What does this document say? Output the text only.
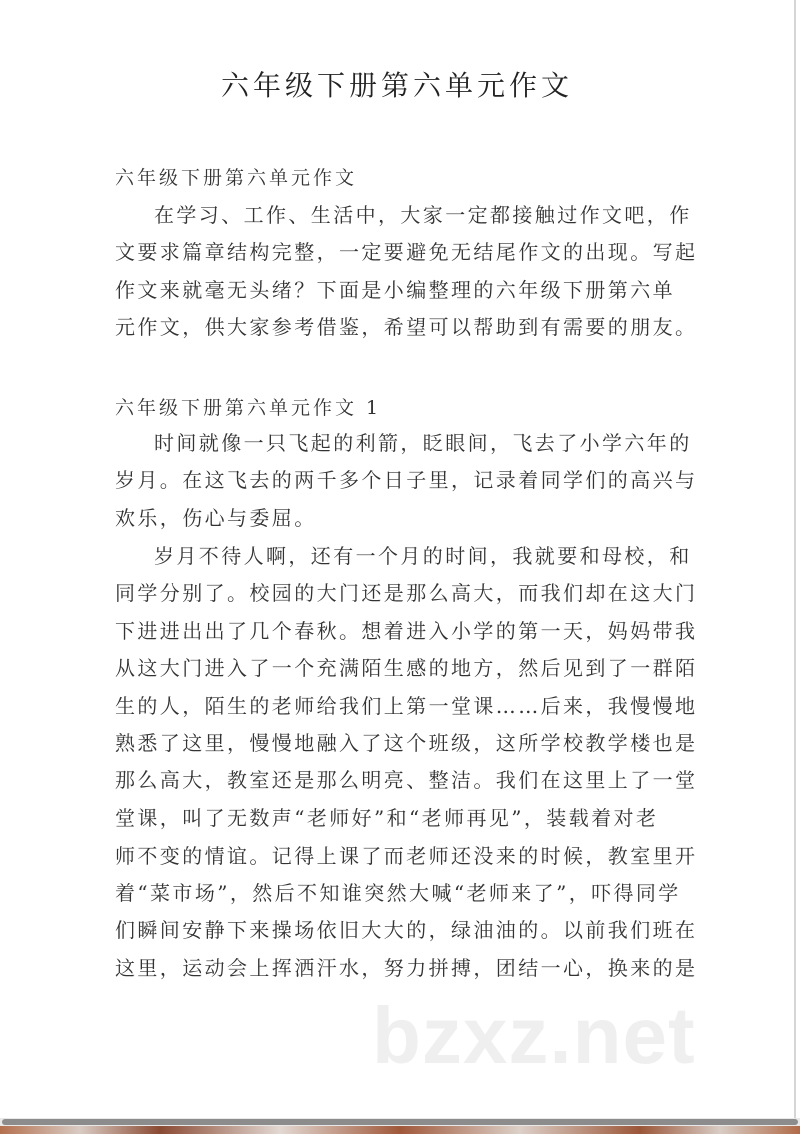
六年级下册第六单元作文
六年级下册第六单元作文
在学习、工作、生活中，大家一定都接触过作文吧，作
文要求篇章结构完整，一定要避免无结尾作文的出现。写起
作文来就毫无头绪？下面是小编整理的六年级下册第六单
元作文，供大家参考借鉴，希望可以帮助到有需要的朋友。
六年级下册第六单元作文 1
时间就像一只飞起的利箭，眨眼间，飞去了小学六年的
岁月。在这飞去的两千多个日子里，记录着同学们的高兴与
欢乐，伤心与委屈。
岁月不待人啊，还有一个月的时间，我就要和母校，和
同学分别了。校园的大门还是那么高大，而我们却在这大门
下进进出出了几个春秋。想着进入小学的第一天，妈妈带我
从这大门进入了一个充满陌生感的地方，然后见到了一群陌
生的人，陌生的老师给我们上第一堂课……后来，我慢慢地
熟悉了这里，慢慢地融入了这个班级，这所学校教学楼也是
那么高大，教室还是那么明亮、整洁。我们在这里上了一堂
堂课，叫了无数声“老师好”和“老师再见”，装载着对老
师不变的情谊。记得上课了而老师还没来的时候，教室里开
着“菜市场”，然后不知谁突然大喊“老师来了”，吓得同学
们瞬间安静下来操场依旧大大的，绿油油的。以前我们班在
这里，运动会上挥洒汗水，努力拼搏，团结一心，换来的是
bzxz.net
